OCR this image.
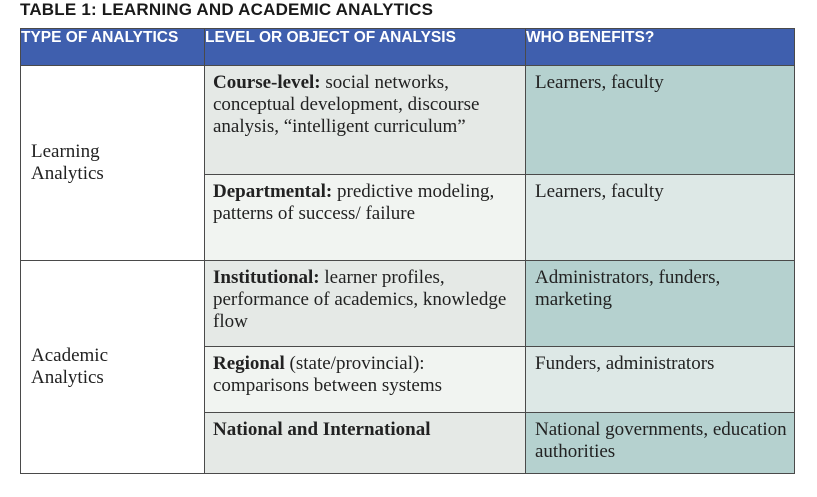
TABLE 1: LEARNING AND ACADEMIC ANALYTICS
TYPE OF ANALYTICS	LEVEL OR OBJECT OF ANALYSIS	WHO BENEFITS?

Learning
Analytics	Course-level: social networks, conceptual development, discourse analysis, “intelligent curriculum”	Learners, faculty
	Departmental: predictive modeling, patterns of success/ failure	Learners, faculty

Academic
Analytics	Institutional: learner profiles, performance of academics, knowledge flow	Administrators, funders, marketing
	Regional (state/provincial): comparisons between systems	Funders, administrators
	National and International	National governments, education authorities
